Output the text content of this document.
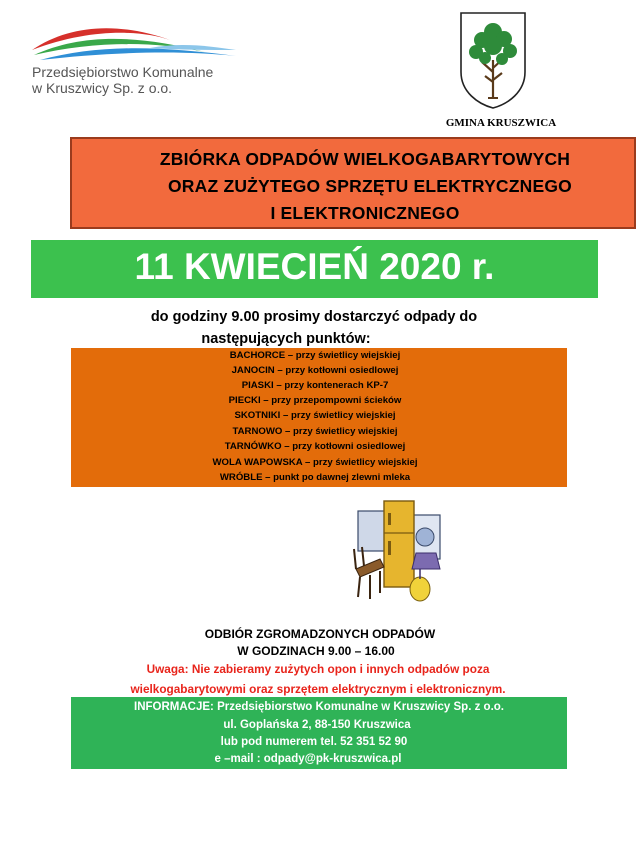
Przedsiębiorstwo Komunalne
w Kruszwicy Sp. z o.o.
GMINA KRUSZWICA
ZBIÓRKA ODPADÓW WIELKOGABARYTOWYCH
ORAZ ZUŻYTEGO SPRZĘTU ELEKTRYCZNEGO
I ELEKTRONICZNEGO
11 KWIECIEŃ 2020 r.
do godziny 9.00 prosimy dostarczyć odpady do
następujących punktów:
BACHORCE – przy świetlicy wiejskiej
JANOCIN – przy kotłowni osiedlowej
PIASKI – przy kontenerach KP-7
PIECKI – przy przepompowni ścieków
SKOTNIKI – przy świetlicy wiejskiej
TARNOWO – przy świetlicy wiejskiej
TARNÓWKO – przy kotłowni osiedlowej
WOLA WAPOWSKA – przy świetlicy wiejskiej
WRÓBLE – punkt po dawnej zlewni mleka
ODBIÓR ZGROMADZONYCH ODPADÓW
W GODZINACH 9.00 – 16.00
Uwaga: Nie zabieramy zużytych opon i innych odpadów poza
wielkogabarytowymi oraz sprzętem elektrycznym i elektronicznym.
INFORMACJE: Przedsiębiorstwo Komunalne w Kruszwicy Sp. z o.o.
ul. Goplańska 2, 88-150 Kruszwica
lub pod numerem tel. 52 351 52 90
e –mail : odpady@pk-kruszwica.pl
